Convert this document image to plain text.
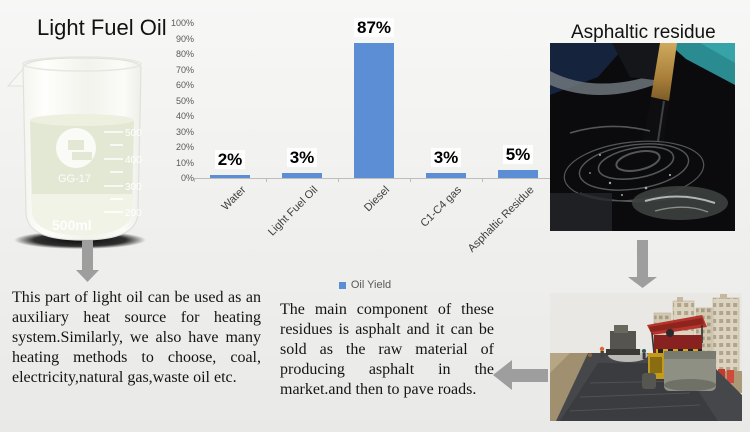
Light Fuel Oil	Asphaltic residue
500
400
300
200
GG-17
500ml
100%
90%
80%
70%
60%
50%
40%
30%
20%
10%
0%
2%
Water
3%
Light Fuel Oil
87%
Diesel
3%
C1-C4 gas
5%
Asphaltic Residue
Oil Yield
This part of light oil can be used as an auxiliary heat source for heating system.Similarly, we also have many heating methods to choose, coal, electricity,natural gas,waste oil etc.
The main component of these residues is asphalt and it can be sold as the raw material of producing asphalt in the market.and then to pave roads.
